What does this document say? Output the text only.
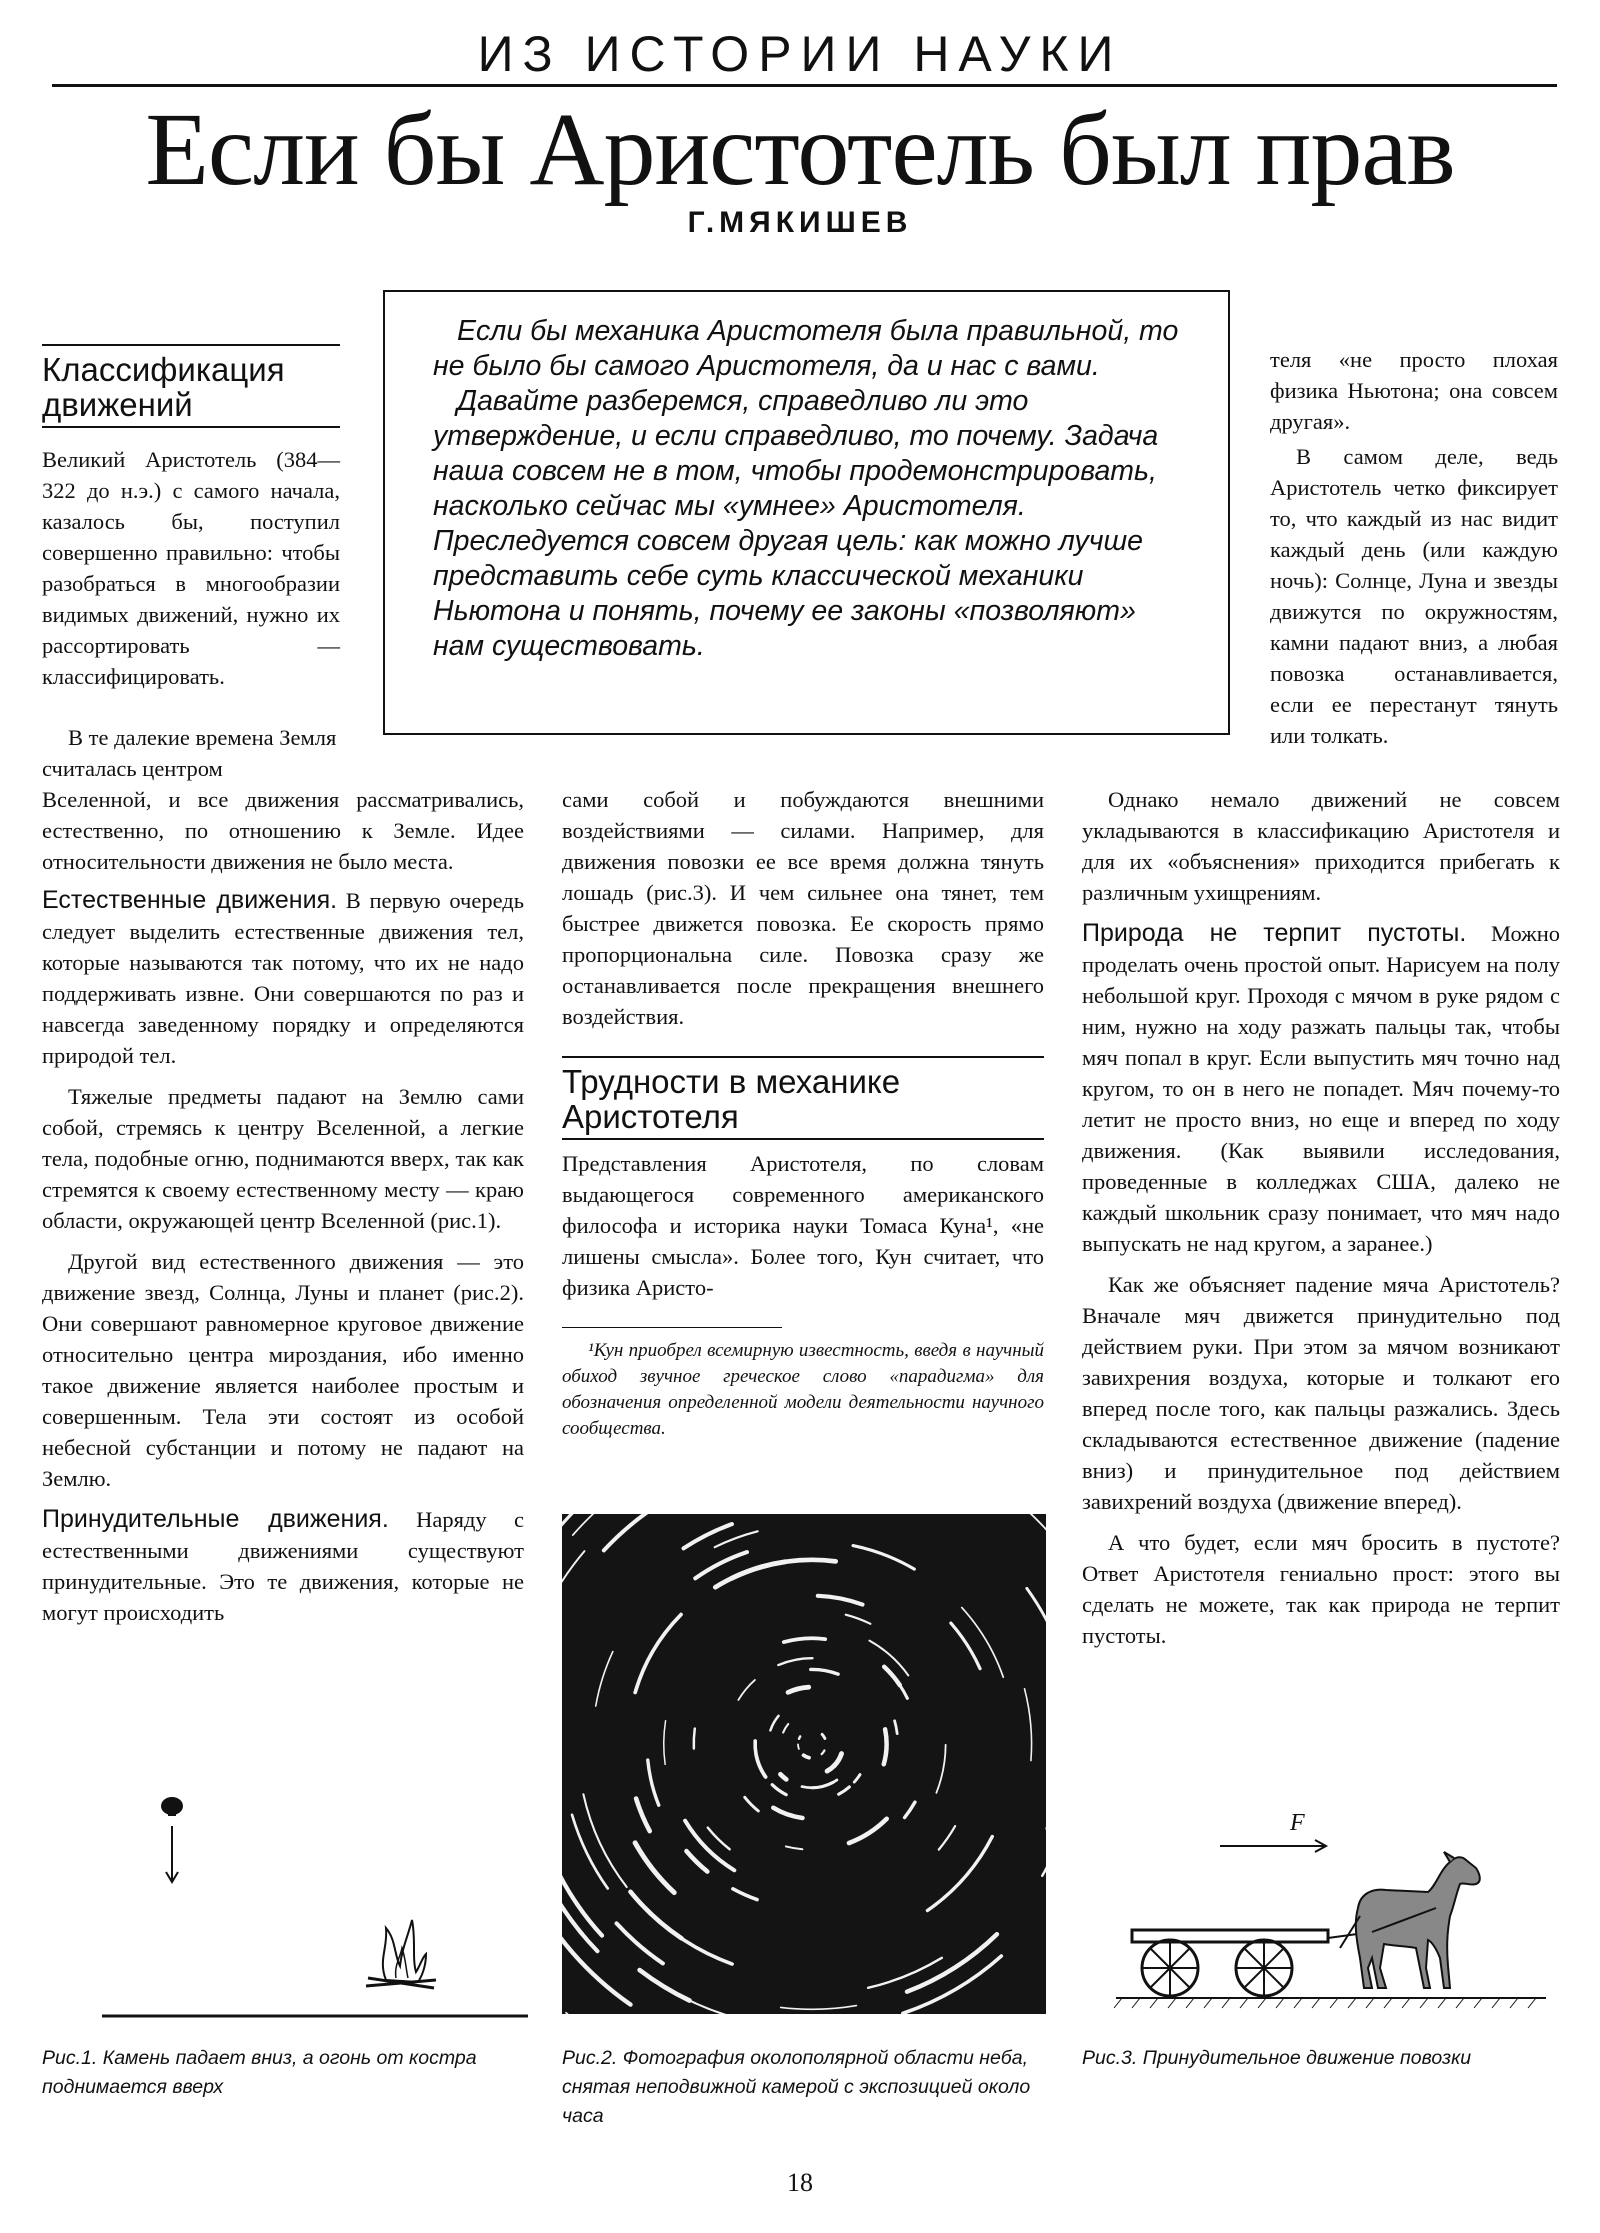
ИЗ ИСТОРИИ НАУКИ
Если бы Аристотель был прав
Г.МЯКИШЕВ

Если бы механика Аристотеля была правильной, то не было бы самого Аристотеля, да и нас с вами.

Давайте разберемся, справедливо ли это утверждение, и если справедливо, то почему. Задача наша совсем не в том, чтобы продемонстрировать, насколько сейчас мы «умнее» Аристотеля. Преследуется совсем другая цель: как можно лучше представить себе суть классической механики Ньютона и понять, почему ее законы «позволяют» нам существовать.

Классификация движений

Великий Аристотель (384—322 до н.э.) с самого начала, казалось бы, поступил совершенно правильно: чтобы разобраться в многообразии видимых движений, нужно их рассортировать — классифицировать.

В те далекие времена Земля считалась центром

Вселенной, и все движения рассматривались, естественно, по отношению к Земле. Идее относительности движения не было места.

Естественные движения. В первую очередь следует выделить естественные движения тел, которые называются так потому, что их не надо поддерживать извне. Они совершаются по раз и навсегда заведенному порядку и определяются природой тел.

Тяжелые предметы падают на Землю сами собой, стремясь к центру Вселенной, а легкие тела, подобные огню, поднимаются вверх, так как стремятся к своему естественному месту — краю области, окружающей центр Вселенной (рис.1).

Другой вид естественного движения — это движение звезд, Солнца, Луны и планет (рис.2). Они совершают равномерное круговое движение относительно центра мироздания, ибо именно такое движение является наиболее простым и совершенным. Тела эти состоят из особой небесной субстанции и потому не падают на Землю.

Принудительные движения. Наряду с естественными движениями существуют принудительные. Это те движения, которые не могут происходить

сами собой и побуждаются внешними воздействиями — силами. Например, для движения повозки ее все время должна тянуть лошадь (рис.3). И чем сильнее она тянет, тем быстрее движется повозка. Ее скорость прямо пропорциональна силе. Повозка сразу же останавливается после прекращения внешнего воздействия.

Трудности в механике Аристотеля

Представления Аристотеля, по словам выдающегося современного американского философа и историка науки Томаса Куна¹, «не лишены смысла». Более того, Кун считает, что физика Аристо-

¹Кун приобрел всемирную известность, введя в научный обиход звучное греческое слово «парадигма» для обозначения определенной модели деятельности научного сообщества.

теля «не просто плохая физика Ньютона; она совсем другая».

В самом деле, ведь Аристотель четко фиксирует то, что каждый из нас видит каждый день (или каждую ночь): Солнце, Луна и звезды движутся по окружностям, камни падают вниз, а любая повозка останавливается, если ее перестанут тянуть или толкать.

Однако немало движений не совсем укладываются в классификацию Аристотеля и для их «объяснения» приходится прибегать к различным ухищрениям.

Природа не терпит пустоты. Можно проделать очень простой опыт. Нарисуем на полу небольшой круг. Проходя с мячом в руке рядом с ним, нужно на ходу разжать пальцы так, чтобы мяч попал в круг. Если выпустить мяч точно над кругом, то он в него не попадет. Мяч почему-то летит не просто вниз, но еще и вперед по ходу движения. (Как выявили исследования, проведенные в колледжах США, далеко не каждый школьник сразу понимает, что мяч надо выпускать не над кругом, а заранее.)

Как же объясняет падение мяча Аристотель? Вначале мяч движется принудительно под действием руки. При этом за мячом возникают завихрения воздуха, которые и толкают его вперед после того, как пальцы разжались. Здесь складываются естественное движение (падение вниз) и принудительное под действием завихрений воздуха (движение вперед).

А что будет, если мяч бросить в пустоте? Ответ Аристотеля гениально прост: этого вы сделать не можете, так как природа не терпит пустоты.

Рис.1. Камень падает вниз, а огонь от костра поднимается вверх
Рис.2. Фотография околополярной области неба, снятая неподвижной камерой с экспозицией около часа
F
Рис.3. Принудительное движение повозки
18
